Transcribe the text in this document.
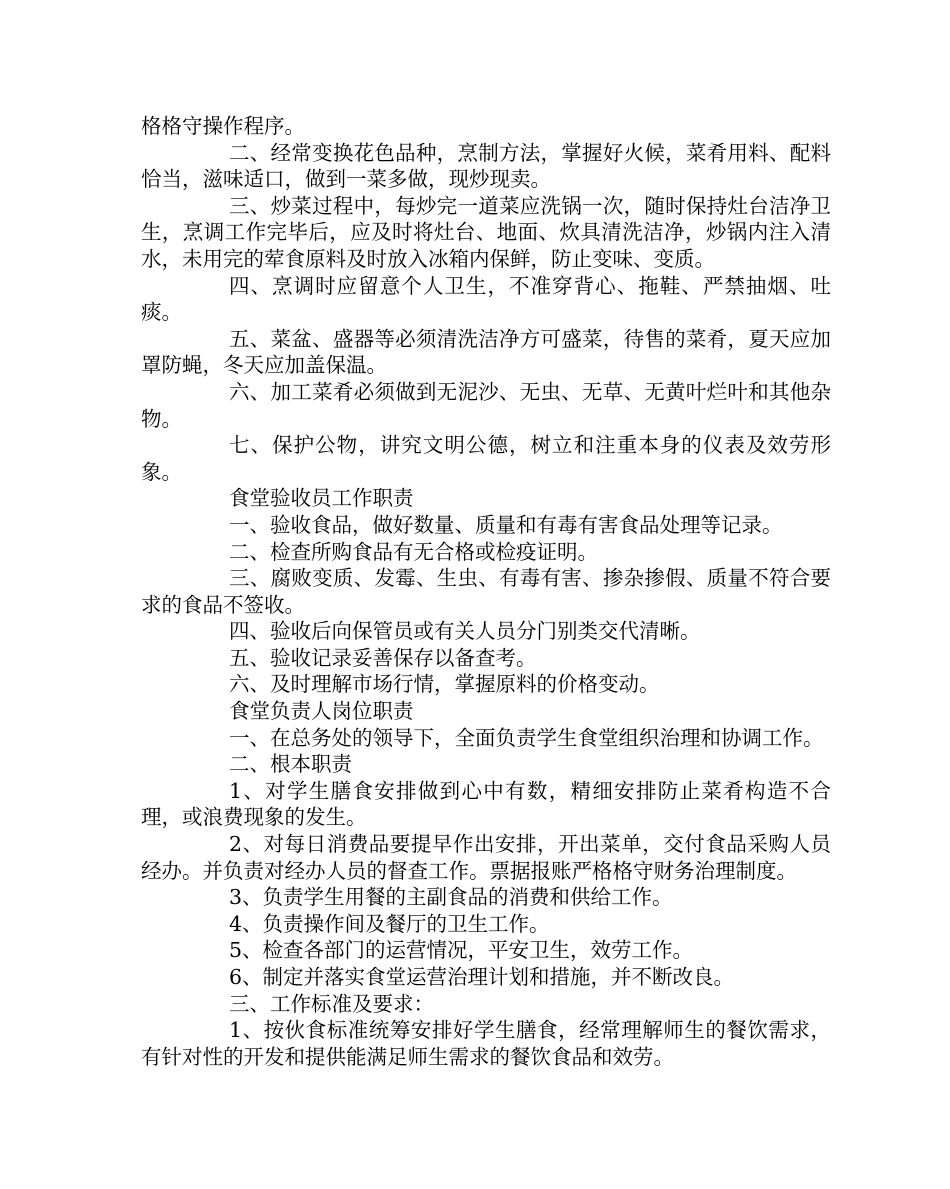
格格守操作程序。

二、经常变换花色品种，烹制方法，掌握好火候，菜肴用料、配料恰当，滋味适口，做到一菜多做，现炒现卖。

三、炒菜过程中，每炒完一道菜应洗锅一次，随时保持灶台洁净卫生，烹调工作完毕后，应及时将灶台、地面、炊具清洗洁净，炒锅内注入清水，未用完的荤食原料及时放入冰箱内保鲜，防止变味、变质。

四、烹调时应留意个人卫生，不准穿背心、拖鞋、严禁抽烟、吐痰。

五、菜盆、盛器等必须清洗洁净方可盛菜，待售的菜肴，夏天应加罩防蝇，冬天应加盖保温。

六、加工菜肴必须做到无泥沙、无虫、无草、无黄叶烂叶和其他杂物。

七、保护公物，讲究文明公德，树立和注重本身的仪表及效劳形象。

食堂验收员工作职责

一、验收食品，做好数量、质量和有毒有害食品处理等记录。

二、检查所购食品有无合格或检疫证明。

三、腐败变质、发霉、生虫、有毒有害、掺杂掺假、质量不符合要求的食品不签收。

四、验收后向保管员或有关人员分门别类交代清晰。

五、验收记录妥善保存以备查考。

六、及时理解市场行情，掌握原料的价格变动。

食堂负责人岗位职责

一、在总务处的领导下，全面负责学生食堂组织治理和协调工作。

二、根本职责

1、对学生膳食安排做到心中有数，精细安排防止菜肴构造不合理，或浪费现象的发生。

2、对每日消费品要提早作出安排，开出菜单，交付食品采购人员经办。并负责对经办人员的督查工作。票据报账严格格守财务治理制度。

3、负责学生用餐的主副食品的消费和供给工作。

4、负责操作间及餐厅的卫生工作。

5、检查各部门的运营情况，平安卫生，效劳工作。

6、制定并落实食堂运营治理计划和措施，并不断改良。

三、工作标准及要求：

1、按伙食标准统筹安排好学生膳食，经常理解师生的餐饮需求，有针对性的开发和提供能满足师生需求的餐饮食品和效劳。
